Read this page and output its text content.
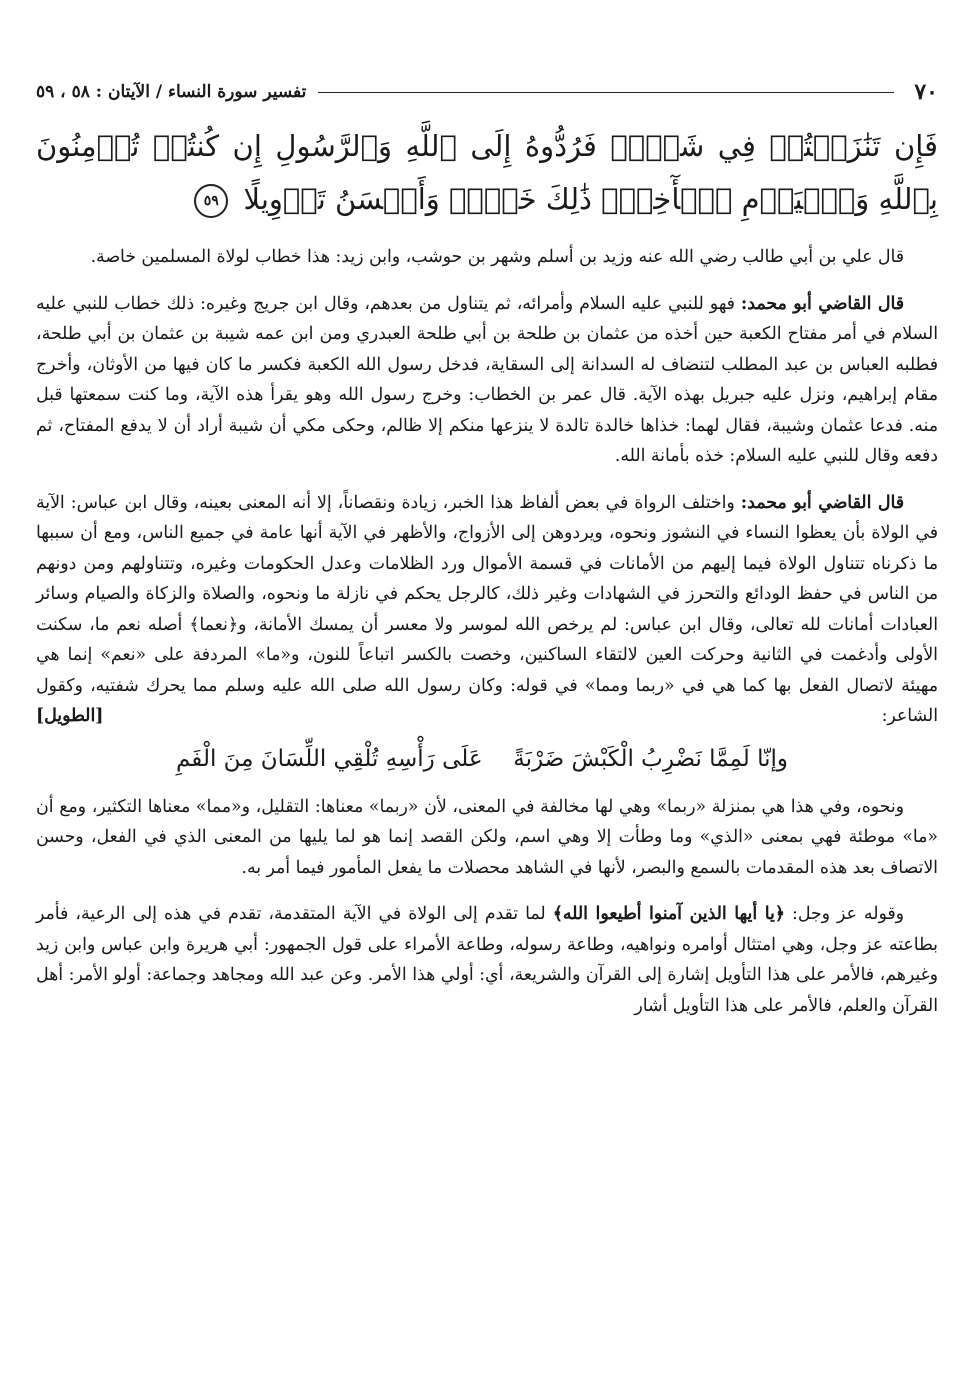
٧٠
تفسير سورة النساء / الآيتان : ٥٨ ، ٥٩
فَإِن تَنَٰزَعۡتُمۡ فِي شَيۡءٖ فَرُدُّوهُ إِلَى ٱللَّهِ وَٱلرَّسُولِ إِن كُنتُمۡ تُؤۡمِنُونَ بِٱللَّهِ وَٱلۡيَوۡمِ ٱلۡأٓخِرِۚ ذَٰلِكَ خَيۡرٞ وَأَحۡسَنُ تَأۡوِيلًا ٥٩

قال علي بن أبي طالب رضي الله عنه وزيد بن أسلم وشهر بن حوشب، وابن زيد: هذا خطاب لولاة المسلمين خاصة.

قال القاضي أبو محمد: فهو للنبي عليه السلام وأمرائه، ثم يتناول من بعدهم، وقال ابن جريج وغيره: ذلك خطاب للنبي عليه السلام في أمر مفتاح الكعبة حين أخذه من عثمان بن طلحة بن أبي طلحة العبدري ومن ابن عمه شيبة بن عثمان بن أبي طلحة، فطلبه العباس بن عبد المطلب لتنضاف له السدانة إلى السقاية، فدخل رسول الله الكعبة فكسر ما كان فيها من الأوثان، وأخرج مقام إبراهيم، ونزل عليه جبريل بهذه الآية. قال عمر بن الخطاب: وخرج رسول الله وهو يقرأ هذه الآية، وما كنت سمعتها قبل منه. فدعا عثمان وشيبة، فقال لهما: خذاها خالدة تالدة لا ينزعها منكم إلا ظالم، وحكى مكي أن شيبة أراد أن لا يدفع المفتاح، ثم دفعه وقال للنبي عليه السلام: خذه بأمانة الله.

قال القاضي أبو محمد: واختلف الرواة في بعض ألفاظ هذا الخبر، زيادة ونقصاناً، إلا أنه المعنى بعينه، وقال ابن عباس: الآية في الولاة بأن يعظوا النساء في النشوز ونحوه، ويردوهن إلى الأزواج، والأظهر في الآية أنها عامة في جميع الناس، ومع أن سببها ما ذكرناه تتناول الولاة فيما إليهم من الأمانات في قسمة الأموال ورد الظلامات وعدل الحكومات وغيره، وتتناولهم ومن دونهم من الناس في حفظ الودائع والتحرز في الشهادات وغير ذلك، كالرجل يحكم في نازلة ما ونحوه، والصلاة والزكاة والصيام وسائر العبادات أمانات لله تعالى، وقال ابن عباس: لم يرخص الله لموسر ولا معسر أن يمسك الأمانة، و﴿نعما﴾ أصله نعم ما، سكنت الأولى وأدغمت في الثانية وحركت العين لالتقاء الساكنين، وخصت بالكسر اتباعاً للنون، و«ما» المردفة على «نعم» إنما هي مهيئة لاتصال الفعل بها كما هي في «ربما ومما» في قوله: وكان رسول الله صلى الله عليه وسلم مما يحرك شفتيه، وكقول الشاعر:
[الطويل]

وإنّا لَمِمَّا نَضْرِبُ الْكَبْشَ ضَرْبَةً
عَلَى رَأْسِهِ تُلْقِي اللِّسَانَ مِنَ الْفَمِ

ونحوه، وفي هذا هي بمنزلة «ربما» وهي لها مخالفة في المعنى، لأن «ربما» معناها: التقليل، و«مما» معناها التكثير، ومع أن «ما» موطئة فهي بمعنى «الذي» وما وطأت إلا وهي اسم، ولكن القصد إنما هو لما يليها من المعنى الذي في الفعل، وحسن الاتصاف بعد هذه المقدمات بالسمع والبصر، لأنها في الشاهد محصلات ما يفعل المأمور فيما أمر به.

وقوله عز وجل: ﴿يا أيها الذين آمنوا أطيعوا الله﴾ لما تقدم إلى الولاة في الآية المتقدمة، تقدم في هذه إلى الرعية، فأمر بطاعته عز وجل، وهي امتثال أوامره ونواهيه، وطاعة رسوله، وطاعة الأمراء على قول الجمهور: أبي هريرة وابن عباس وابن زيد وغيرهم، فالأمر على هذا التأويل إشارة إلى القرآن والشريعة، أي: أولي هذا الأمر. وعن عبد الله ومجاهد وجماعة: أولو الأمر: أهل القرآن والعلم، فالأمر على هذا التأويل أشار
